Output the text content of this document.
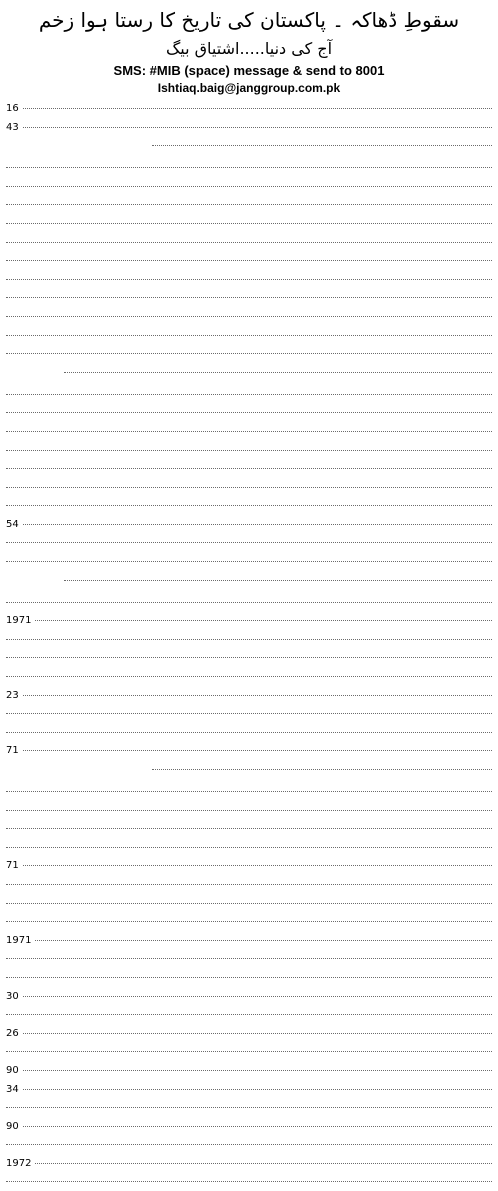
سقوطِ ڈھاکہ ۔ پاکستان کی تاریخ کا رستا ہوا زخم

آج کی دنیا.....اشتیاق بیگ

SMS: #MIB (space) message & send to 8001

Ishtiaq.baig@janggroup.com.pk

16
43
54
1971
23
71
71
1971
30
26
90
34
90
1972
